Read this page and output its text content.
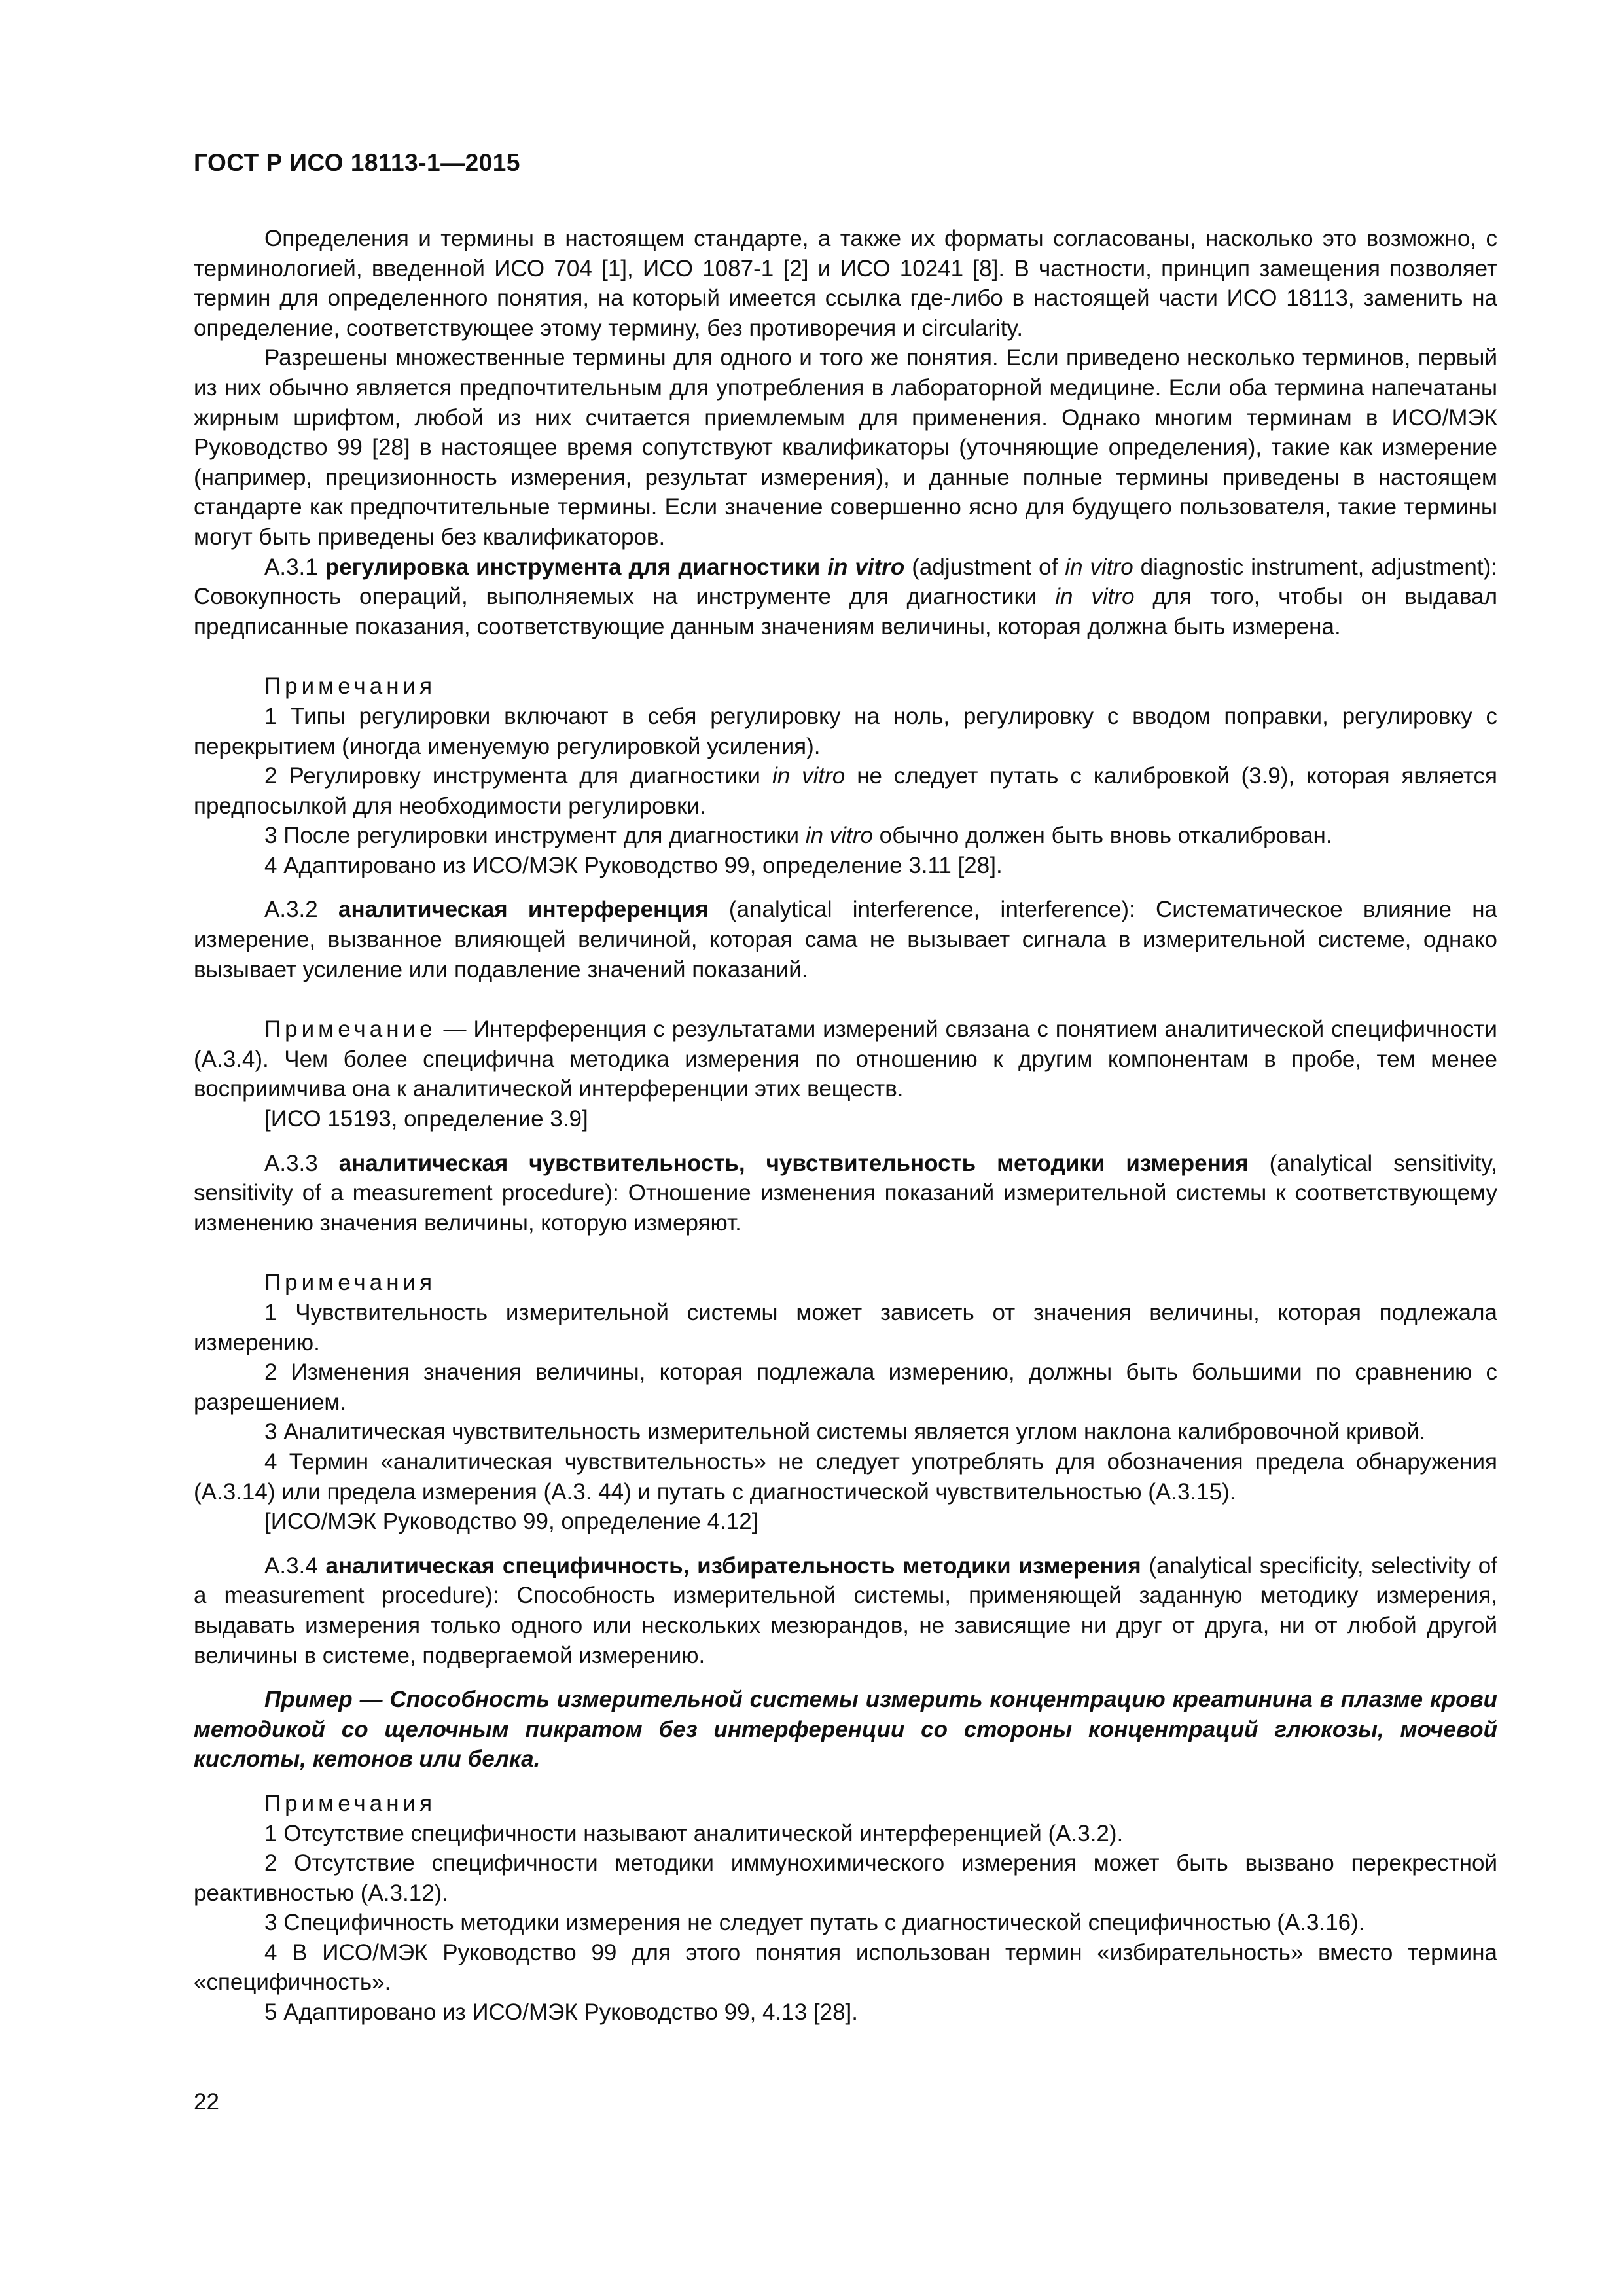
ГОСТ Р ИСО 18113-1—2015

Определения и термины в настоящем стандарте, а также их форматы согласованы, насколько это возможно, с терминологией, введенной ИСО 704 [1], ИСО 1087-1 [2] и ИСО 10241 [8]. В частности, принцип замещения позволяет термин для определенного понятия, на который имеется ссылка где-либо в настоящей части ИСО 18113, заменить на определение, соответствующее этому термину, без противоречия и circularity.

Разрешены множественные термины для одного и того же понятия. Если приведено несколько терминов, первый из них обычно является предпочтительным для употребления в лабораторной медицине. Если оба термина напечатаны жирным шрифтом, любой из них считается приемлемым для применения. Однако многим терминам в ИСО/МЭК Руководство 99 [28] в настоящее время сопутствуют квалификаторы (уточняющие определения), такие как измерение (например, прецизионность измерения, результат измерения), и данные полные термины приведены в настоящем стандарте как предпочтительные термины. Если значение совершенно ясно для будущего пользователя, такие термины могут быть приведены без квалификаторов.

А.3.1 регулировка инструмента для диагностики in vitro (adjustment of in vitro diagnostic instrument, adjustment): Совокупность операций, выполняемых на инструменте для диагностики in vitro для того, чтобы он выдавал предписанные показания, соответствующие данным значениям величины, которая должна быть измерена.

Примечания

1 Типы регулировки включают в себя регулировку на ноль, регулировку с вводом поправки, регулировку с перекрытием (иногда именуемую регулировкой усиления).

2 Регулировку инструмента для диагностики in vitro не следует путать с калибровкой (3.9), которая является предпосылкой для необходимости регулировки.

3 После регулировки инструмент для диагностики in vitro обычно должен быть вновь откалиброван.

4 Адаптировано из ИСО/МЭК Руководство 99, определение 3.11 [28].

А.3.2 аналитическая интерференция (analytical interference, interference): Систематическое влияние на измерение, вызванное влияющей величиной, которая сама не вызывает сигнала в измерительной системе, однако вызывает усиление или подавление значений показаний.

Примечание — Интерференция с результатами измерений связана с понятием аналитической специфичности (А.3.4). Чем более специфична методика измерения по отношению к другим компонентам в пробе, тем менее восприимчива она к аналитической интерференции этих веществ.

[ИСО 15193, определение 3.9]

А.3.3 аналитическая чувствительность, чувствительность методики измерения (analytical sensitivity, sensitivity of a measurement procedure): Отношение изменения показаний измерительной системы к соответствующему изменению значения величины, которую измеряют.

Примечания

1 Чувствительность измерительной системы может зависеть от значения величины, которая подлежала измерению.

2 Изменения значения величины, которая подлежала измерению, должны быть большими по сравнению с разрешением.

3 Аналитическая чувствительность измерительной системы является углом наклона калибровочной кривой.

4 Термин «аналитическая чувствительность» не следует употреблять для обозначения предела обнаружения (А.3.14) или предела измерения (А.3. 44) и путать с диагностической чувствительностью (А.3.15).

[ИСО/МЭК Руководство 99, определение 4.12]

А.3.4 аналитическая специфичность, избирательность методики измерения (analytical specificity, selectivity of a measurement procedure): Способность измерительной системы, применяющей заданную методику измерения, выдавать измерения только одного или нескольких мезюрандов, не зависящие ни друг от друга, ни от любой другой величины в системе, подвергаемой измерению.

Пример — Способность измерительной системы измерить концентрацию креатинина в плазме крови методикой со щелочным пикратом без интерференции со стороны концентраций глюкозы, мочевой кислоты, кетонов или белка.

Примечания

1 Отсутствие специфичности называют аналитической интерференцией (А.3.2).

2 Отсутствие специфичности методики иммунохимического измерения может быть вызвано перекрестной реактивностью (А.3.12).

3 Специфичность методики измерения не следует путать с диагностической специфичностью (А.3.16).

4 В ИСО/МЭК Руководство 99 для этого понятия использован термин «избирательность» вместо термина «специфичность».

5 Адаптировано из ИСО/МЭК Руководство 99, 4.13 [28].

22
